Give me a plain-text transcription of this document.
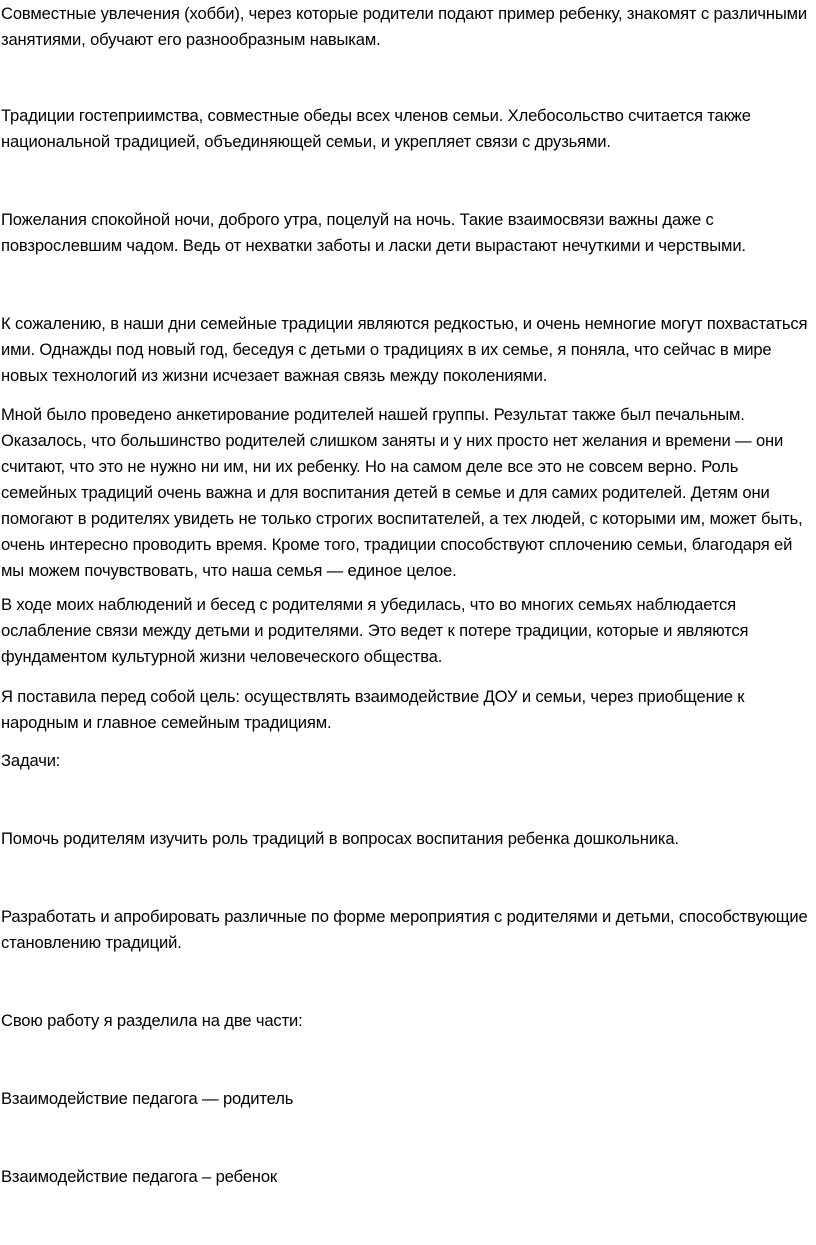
Совместные увлечения (хобби), через которые родители подают пример ребенку, знакомят с различными занятиями, обучают его разнообразным навыкам.

Традиции гостеприимства, совместные обеды всех членов семьи. Хлебосольство считается также национальной традицией, объединяющей семьи, и укрепляет связи с друзьями.

Пожелания спокойной ночи, доброго утра, поцелуй на ночь. Такие взаимосвязи важны даже с повзрослевшим чадом. Ведь от нехватки заботы и ласки дети вырастают нечуткими и черствыми.

К сожалению, в наши дни семейные традиции являются редкостью, и очень немногие могут похвастаться ими. Однажды под новый год, беседуя с детьми о традициях в их семье, я поняла, что сейчас в мире новых технологий из жизни исчезает важная связь между поколениями.

Мной было проведено анкетирование родителей нашей группы. Результат также был печальным. Оказалось, что большинство родителей слишком заняты и у них просто нет желания и времени — они считают, что это не нужно ни им, ни их ребенку. Но на самом деле все это не совсем верно. Роль семейных традиций очень важна и для воспитания детей в семье и для самих родителей. Детям они помогают в родителях увидеть не только строгих воспитателей, а тех людей, с которыми им, может быть, очень интересно проводить время. Кроме того, традиции способствуют сплочению семьи, благодаря ей мы можем почувствовать, что наша семья — единое целое.

В ходе моих наблюдений и бесед с родителями я убедилась, что во многих семьях наблюдается ослабление связи между детьми и родителями. Это ведет к потере традиции, которые и являются фундаментом культурной жизни человеческого общества.

Я поставила перед собой цель: осуществлять взаимодействие ДОУ и семьи, через приобщение к народным и главное семейным традициям.

Задачи:

Помочь родителям изучить роль традиций в вопросах воспитания ребенка дошкольника.

Разработать и апробировать различные по форме мероприятия с родителями и детьми, способствующие становлению традиций.

Свою работу я разделила на две части:

Взаимодействие педагога — родитель

Взаимодействие педагога – ребенок
